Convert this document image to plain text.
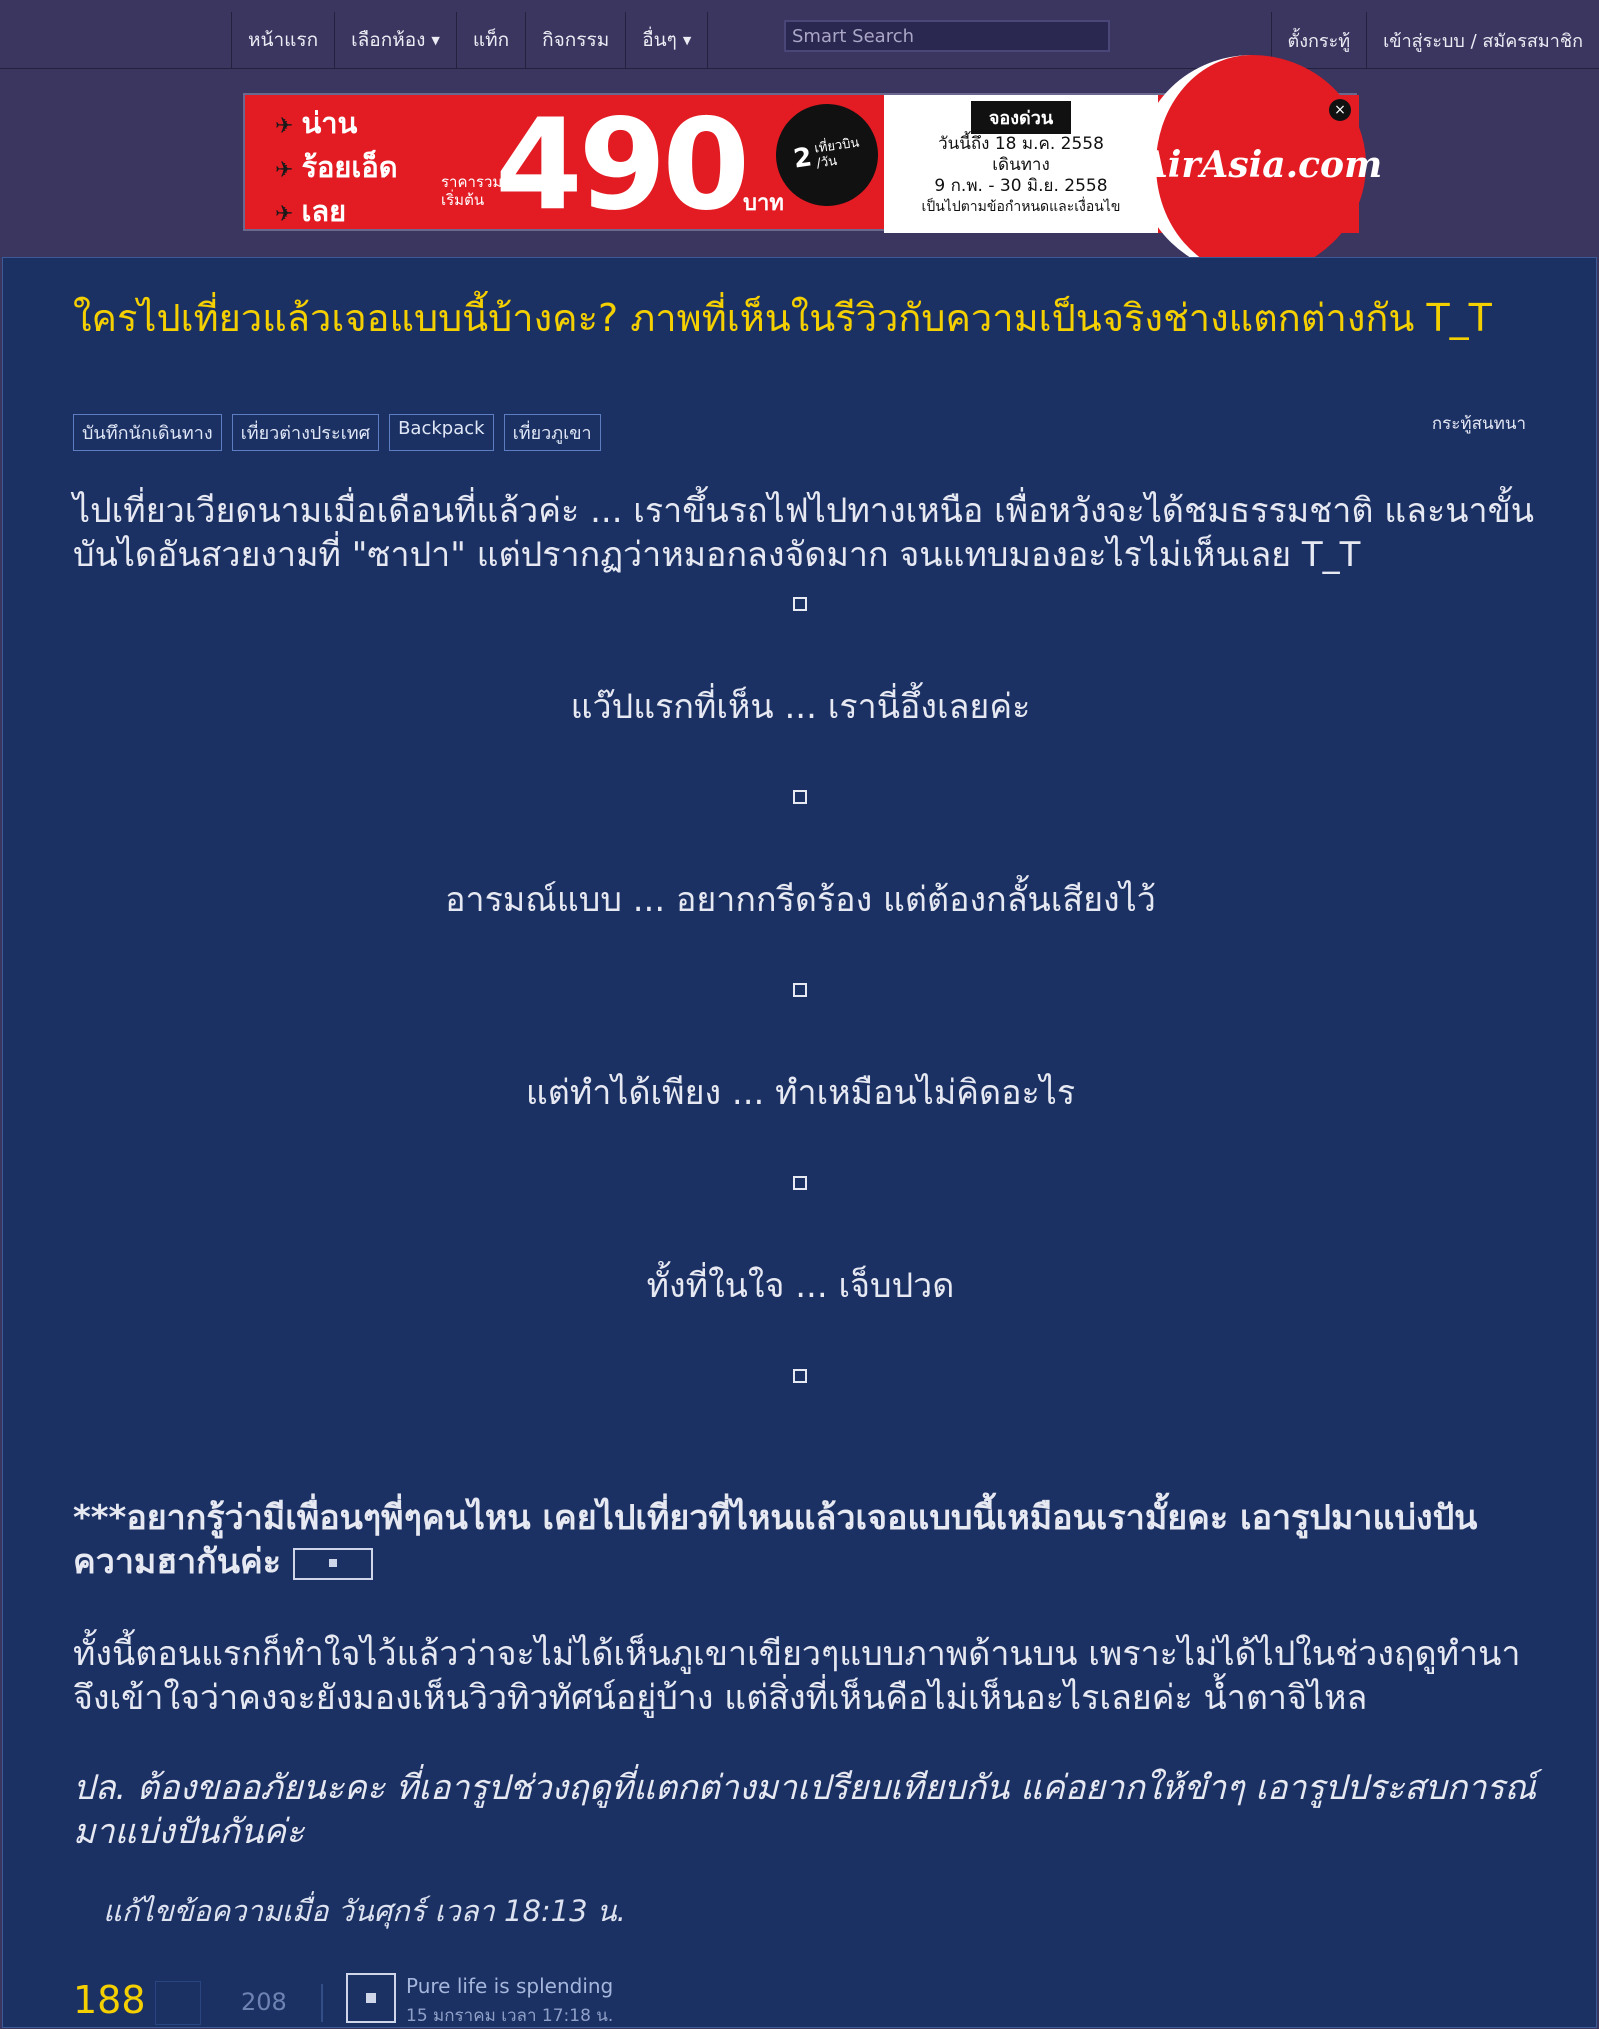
หน้าแรก เลือกห้อง ▼ แท็ก กิจกรรม อื่นๆ ▼
Smart Search	ตั้งกระทู้ เข้าสู่ระบบ / สมัครสมาชิก
✈ น่าน
✈ ร้อยเอ็ด
✈ เลย
ราคารวม
เริ่มต้น 490
บาท
2 เที่ยวบิน
/วัน
จองด่วน
วันนี้ถึง 18 ม.ค. 2558
เดินทาง
9 ก.พ. - 30 มิ.ย. 2558
เป็นไปตามข้อกำหนดและเงื่อนไข
AirAsia.com
×
ใครไปเที่ยวแล้วเจอแบบนี้บ้างคะ? ภาพที่เห็นในรีวิวกับความเป็นจริงช่างแตกต่างกัน T_T
บันทึกนักเดินทาง	เที่ยวต่างประเทศ	Backpack	เที่ยวภูเขา	กระทู้สนทนา
ไปเที่ยวเวียดนามเมื่อเดือนที่แล้วค่ะ ... เราขึ้นรถไฟไปทางเหนือ เพื่อหวังจะได้ชมธรรมชาติ และนาขั้นบันไดอันสวยงามที่ "ซาปา" แต่ปรากฏว่าหมอกลงจัดมาก จนแทบมองอะไรไม่เห็นเลย T_T
แว๊ปแรกที่เห็น ... เรานี่อึ้งเลยค่ะ
อารมณ์แบบ ... อยากกรีดร้อง แต่ต้องกลั้นเสียงไว้
แต่ทำได้เพียง ... ทำเหมือนไม่คิดอะไร
ทั้งที่ในใจ ... เจ็บปวด
***อยากรู้ว่ามีเพื่อนๆพี่ๆคนไหน เคยไปเที่ยวที่ไหนแล้วเจอแบบนี้เหมือนเรามั้ยคะ เอารูปมาแบ่งปันความฮากันค่ะ
ทั้งนี้ตอนแรกก็ทำใจไว้แล้วว่าจะไม่ได้เห็นภูเขาเขียวๆแบบภาพด้านบน เพราะไม่ได้ไปในช่วงฤดูทำนา จึงเข้าใจว่าคงจะยังมองเห็นวิวทิวทัศน์อยู่บ้าง แต่สิ่งที่เห็นคือไม่เห็นอะไรเลยค่ะ น้ำตาจิไหล
ปล. ต้องขออภัยนะคะ ที่เอารูปช่วงฤดูที่แตกต่างมาเปรียบเทียบกัน แค่อยากให้ขำๆ เอารูปประสบการณ์มาแบ่งปันกันค่ะ
แก้ไขข้อความเมื่อ วันศุกร์ เวลา 18:13 น.
188	208
Pure life is splending
15 มกราคม เวลา 17:18 น.
